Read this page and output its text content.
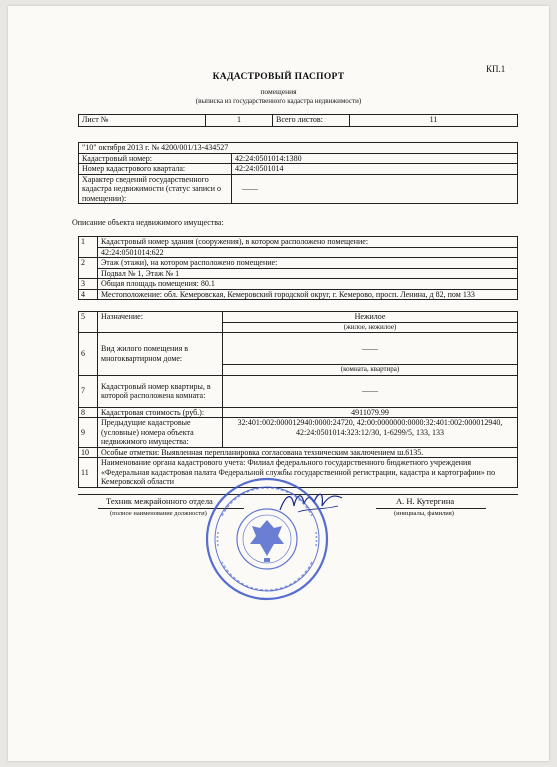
КП.1
КАДАСТРОВЫЙ ПАСПОРТ
помещения
(выписка из государственного кадастра недвижимости)
Лист №	1	Всего листов:	11
"10" октября 2013 г. № 4200/001/13-434527	
Кадастровый номер:	42:24:0501014:1380
Номер кадастрового квартала:	42:24:0501014
Характер сведений государственного кадастра недвижимости (статус записи о помещении):	——
Описание объекта недвижимого имущества:
1	Кадастровый номер здания (сооружения), в котором расположено помещение:
	42:24:0501014:622
2	Этаж (этажи), на котором расположено помещение:
	Подвал № 1, Этаж № 1
3	Общая площадь помещения: 80.1
4	Местоположение: обл. Кемеровская, Кемеровский городской округ, г. Кемерово, просп. Ленина, д 82, пом 133
5	Назначение:	Нежилое
		(жилое, нежилое)
6	Вид жилого помещения в многоквартирном доме:	——
		(комната, квартира)
7	Кадастровый номер квартиры, в которой расположена комната:	——
8	Кадастровая стоимость (руб.):	4911079.99
9	Предыдущие кадастровые (условные) номера объекта недвижимого имущества:	32:401:002:000012940:0000:24720, 42:00:0000000:0000:32:401:002:000012940, 42:24:0501014:323:12/30, 1-6299/5, 133, 133
10	Особые отметки: Выявленная перепланировка согласована техническим заключением ш.6135.	
11	Наименование органа кадастрового учета: Филиал федерального государственного бюджетного учреждения «Федеральная кадастровая палата Федеральной службы государственной регистрации, кадастра и картографии» по Кемеровской области	
Техник межрайонного отдела	А. Н. Кутергина
(полное наименование должности)	(инициалы, фамилия)
